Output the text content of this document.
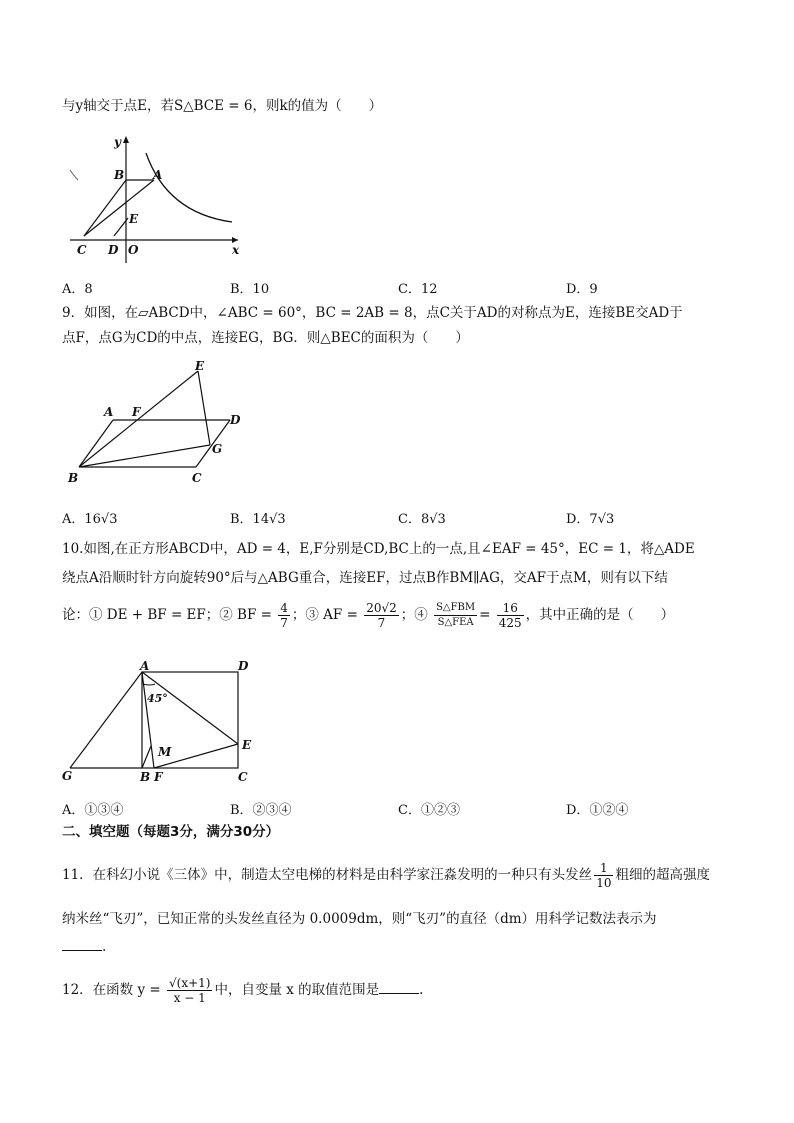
与y轴交于点E，若S△BCE = 6，则k的值为（　　）
y
x
B A
E
C D O
A．8	B．10	C．12	D．9
9．如图，在▱ABCD中，∠ABC = 60°，BC = 2AB = 8，点C关于AD的对称点为E，连接BE交AD于
点F，点G为CD的中点，连接EG，BG．则△BEC的面积为（　　）
E
A F
D
G
B	C
A．16√3	B．14√3	C．8√3	D．7√3
10.如图,在正方形ABCD中，AD = 4，E,F分别是CD,BC上的一点,且∠EAF = 45°，EC = 1，将△ADE
绕点A沿顺时针方向旋转90°后与△ABG重合，连接EF，过点B作BM∥AG，交AF于点M，则有以下结
论：① DE + BF = EF；② BF = $\frac{4}{7}$ ；③ AF = $\frac{20√2}{7}$ ；④ $\frac{\text{S△FBM}}{\text{S△FEA}} = \frac{16}{425}$ ，其中正确的是（　　）
A	D
45°
E
M
G	B F	C
A．①③④	B．②③④	C．①②③	D．①②④
二、填空题（每题3分，满分30分）
11．在科幻小说《三体》中，制造太空电梯的材料是由科学家汪淼发明的一种只有头发丝 $\frac{1}{10}$ 粗细的超高强度
纳米丝“飞刃”，已知正常的头发丝直径为 0.0009dm，则“飞刃”的直径（dm）用科学记数法表示为
.
12．在函数 $y = \frac{√(x+1)}{x - 1}$ 中，自变量 x 的取值范围是	.
